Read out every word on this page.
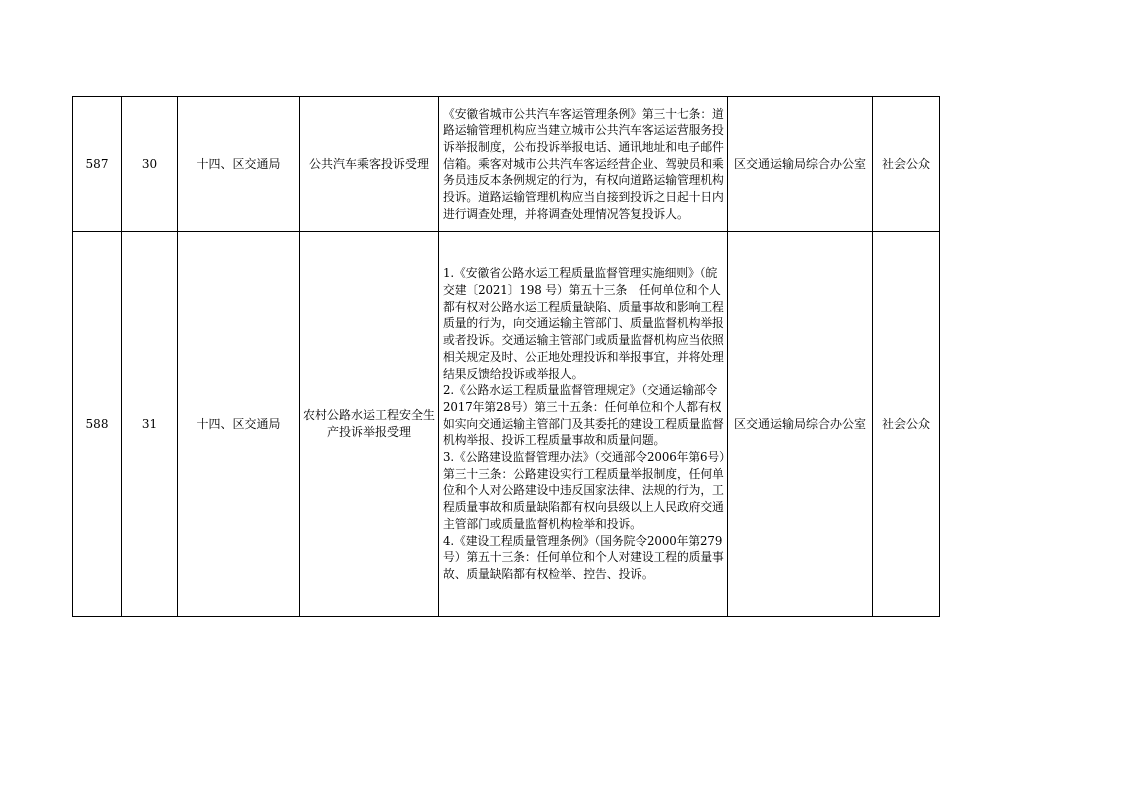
587	30	十四、区交通局	公共汽车乘客投诉受理	《安徽省城市公共汽车客运管理条例》第三十七条：道路运输管理机构应当建立城市公共汽车客运运营服务投诉举报制度，公布投诉举报电话、通讯地址和电子邮件信箱。乘客对城市公共汽车客运经营企业、驾驶员和乘务员违反本条例规定的行为，有权向道路运输管理机构投诉。道路运输管理机构应当自接到投诉之日起十日内进行调查处理，并将调查处理情况答复投诉人。	区交通运输局综合办公室	社会公众
588	31	十四、区交通局	农村公路水运工程安全生产投诉举报受理	1.《安徽省公路水运工程质量监督管理实施细则》（皖交建〔2021〕198 号）第五十三条　任何单位和个人都有权对公路水运工程质量缺陷、质量事故和影响工程质量的行为，向交通运输主管部门、质量监督机构举报或者投诉。交通运输主管部门或质量监督机构应当依照相关规定及时、公正地处理投诉和举报事宜，并将处理结果反馈给投诉或举报人。
2.《公路水运工程质量监督管理规定》（交通运输部令2017年第28号）第三十五条：任何单位和个人都有权如实向交通运输主管部门及其委托的建设工程质量监督机构举报、投诉工程质量事故和质量问题。
3.《公路建设监督管理办法》（交通部令2006年第6号）第三十三条：公路建设实行工程质量举报制度，任何单位和个人对公路建设中违反国家法律、法规的行为，工程质量事故和质量缺陷都有权向县级以上人民政府交通主管部门或质量监督机构检举和投诉。
4.《建设工程质量管理条例》（国务院令2000年第279号）第五十三条：任何单位和个人对建设工程的质量事故、质量缺陷都有权检举、控告、投诉。	区交通运输局综合办公室	社会公众
